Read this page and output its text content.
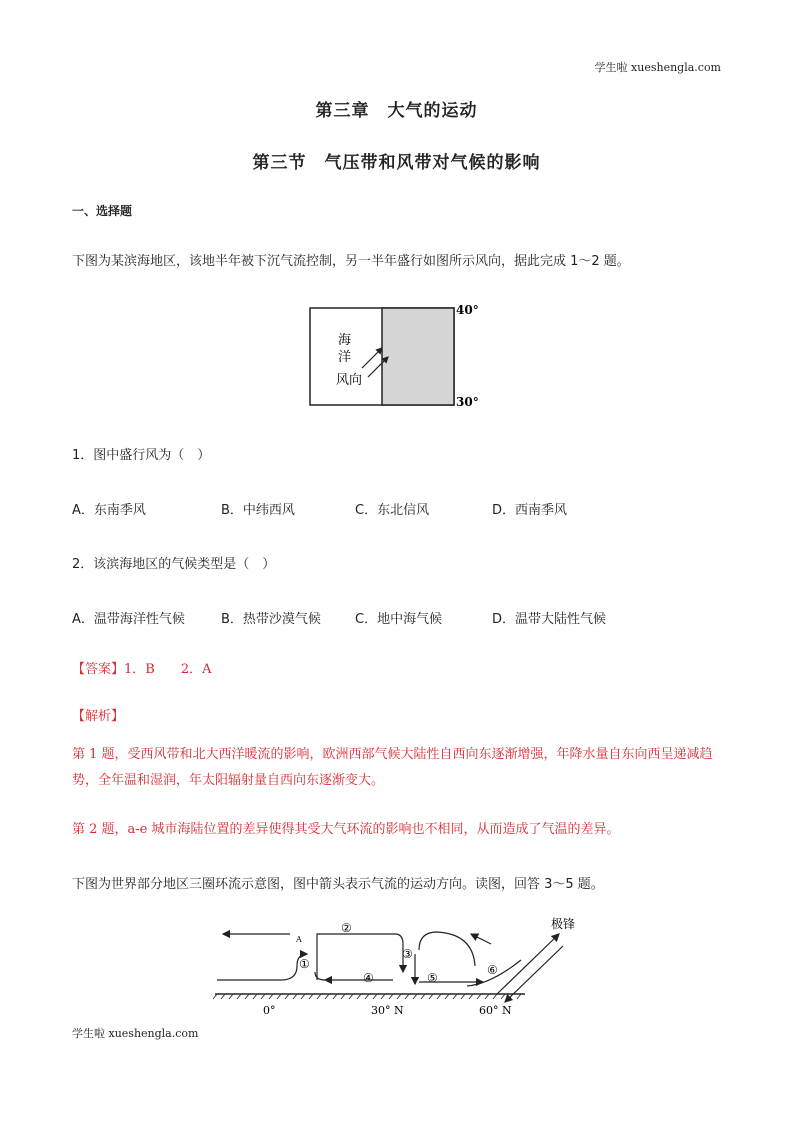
学生啦 xueshengla.com
第三章　大气的运动
第三节　气压带和风带对气候的影响
一、选择题
下图为某滨海地区，该地半年被下沉气流控制，另一半年盛行如图所示风向，据此完成 1～2 题。
海
洋
风向
40°
30°
1．图中盛行风为（　）
A．东南季风	B．中纬西风	C．东北信风	D．西南季风
2．该滨海地区的气候类型是（　）
A．温带海洋性气候	B．热带沙漠气候	C．地中海气候	D．温带大陆性气候
【答案】1．B　　2．A
【解析】
第 1 题，受西风带和北大西洋暖流的影响，欧洲西部气候大陆性自西向东逐渐增强，年降水量自东向西呈递减趋势，全年温和湿润，年太阳辐射量自西向东逐渐变大。
第 2 题，a-e 城市海陆位置的差异使得其受大气环流的影响也不相同，从而造成了气温的差异。
下图为世界部分地区三圈环流示意图，图中箭头表示气流的运动方向。读图，回答 3～5 题。
A
①
②
③
④	⑤
⑥
极锋
0°	30° N	60° N
学生啦 xueshengla.com
